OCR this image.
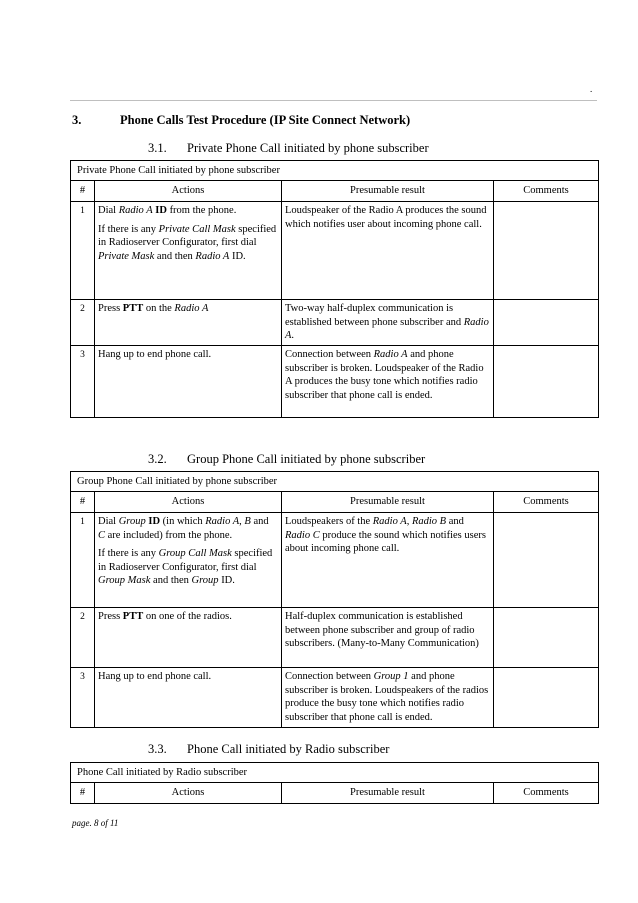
.
3.	Phone Calls Test Procedure (IP Site Connect Network)
3.1. Private Phone Call initiated by phone subscriber
Private Phone Call initiated by phone subscriber			
#	Actions	Presumable result	Comments
1	Dial Radio A ID from the phone.

If there is any Private Call Mask specified in Radioserver Configurator, first dial Private Mask and then Radio A ID.	Loudspeaker of the Radio A produces the sound which notifies user about incoming phone call.	
2	Press PTT on the Radio A	Two-way half-duplex communication is established between phone subscriber and Radio A.	
3	Hang up to end phone call.	Connection between Radio A and phone subscriber is broken. Loudspeaker of the Radio A produces the busy tone which notifies radio subscriber that phone call is ended.	
3.2. Group Phone Call initiated by phone subscriber
Group Phone Call initiated by phone subscriber			
#	Actions	Presumable result	Comments
1	Dial Group ID (in which Radio A, B and C are included) from the phone.

If there is any Group Call Mask specified in Radioserver Configurator, first dial Group Mask and then Group ID.	Loudspeakers of the Radio A, Radio B and Radio C produce the sound which notifies users about incoming phone call.	
2	Press PTT on one of the radios.	Half-duplex communication is established between phone subscriber and group of radio subscribers. (Many-to-Many Communication)	
3	Hang up to end phone call.	Connection between Group 1 and phone subscriber is broken. Loudspeakers of the radios produce the busy tone which notifies radio subscriber that phone call is ended.	
3.3. Phone Call initiated by Radio subscriber
Phone Call initiated by Radio subscriber
#	Actions	Presumable result	Comments
page. 8 of 11
